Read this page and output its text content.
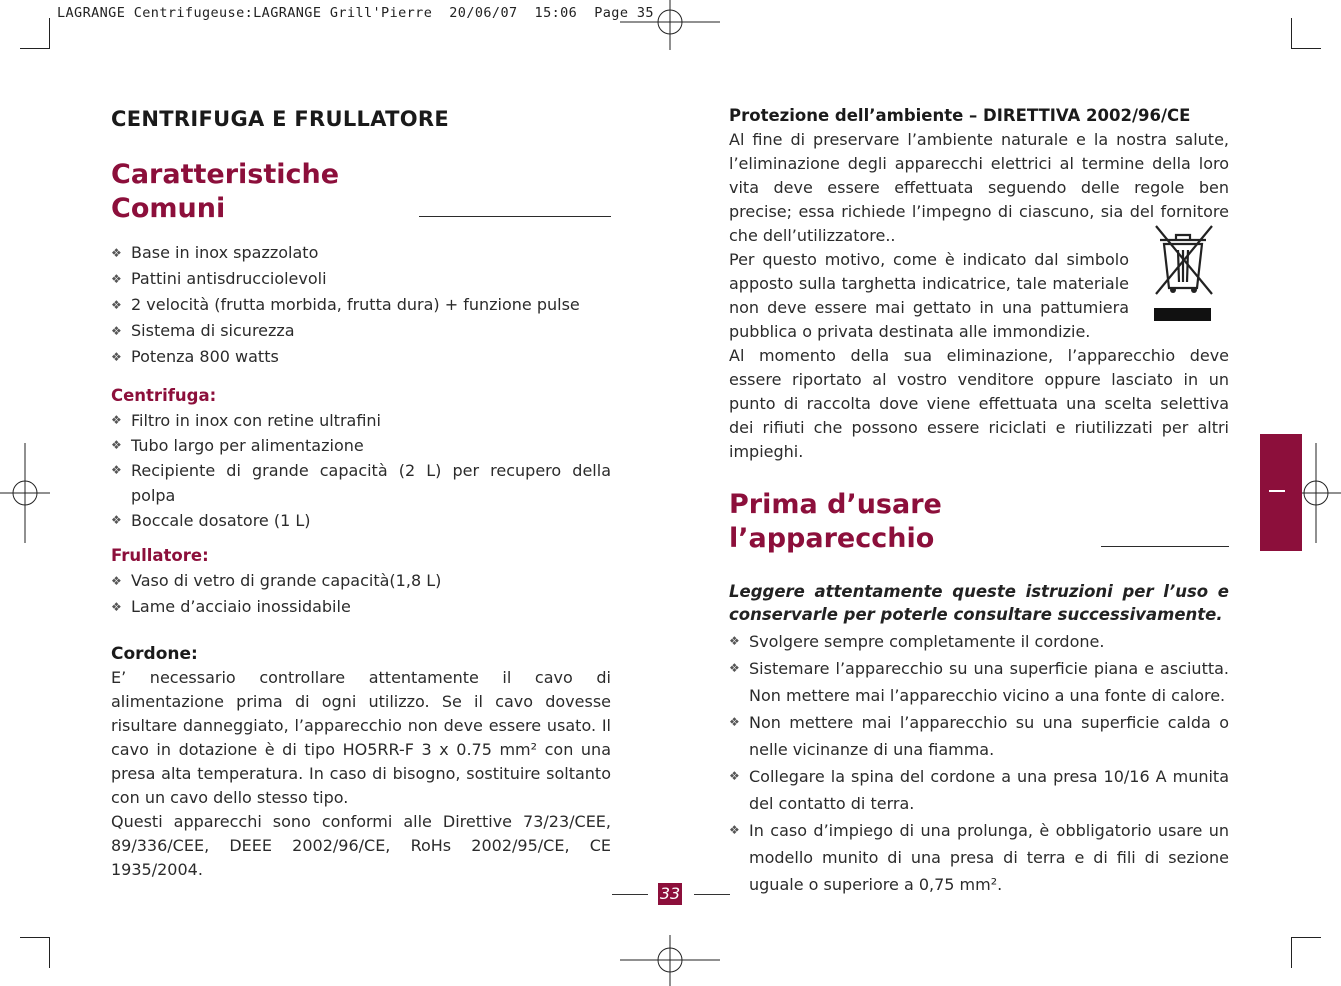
LAGRANGE Centrifugeuse:LAGRANGE Grill'Pierre  20/06/07  15:06  Page 35
CENTRIFUGA E FRULLATORE
Caratteristiche Comuni
❖ Base in inox spazzolato
❖ Pattini antisdrucciolevoli
❖ 2 velocità (frutta morbida, frutta dura) + funzione pulse
❖ Sistema di sicurezza
❖ Potenza 800 watts
Centrifuga:
❖ Filtro in inox con retine ultrafini
❖ Tubo largo per alimentazione
❖ Recipiente di grande capacità (2 L) per recupero della polpa
❖ Boccale dosatore (1 L)
Frullatore:
❖ Vaso di vetro di grande capacità(1,8 L)
❖ Lame d’acciaio inossidabile
Cordone:

E’ necessario controllare attentamente il cavo di alimentazione prima di ogni utilizzo. Se il cavo dovesse risultare danneggiato, l’apparecchio non deve essere usato. Il cavo in dotazione è di tipo HO5RR-F 3 x 0.75 mm² con una presa alta temperatura. In caso di bisogno, sostituire soltanto con un cavo dello stesso tipo.

Questi apparecchi sono conformi alle Direttive 73/23/CEE, 89/336/CEE, DEEE 2002/96/CE, RoHs 2002/95/CE, CE 1935/2004.

Protezione dell’ambiente – DIRETTIVA 2002/96/CE

Al fine di preservare l’ambiente naturale e la nostra salute, l’eliminazione degli apparecchi elettrici al termine della loro vita deve essere effettuata seguendo delle regole ben precise; essa richiede l’impegno di ciascuno, sia del fornitore che dell’utilizzatore..

Per questo motivo, come è indicato dal simbolo apposto sulla targhetta indicatrice, tale materiale non deve essere mai gettato in una pattumiera pubblica o privata destinata alle immondizie.

Al momento della sua eliminazione, l’apparecchio deve essere riportato al vostro venditore oppure lasciato in un punto di raccolta dove viene effettuata una scelta selettiva dei rifiuti che possono essere riciclati e riutilizzati per altri impieghi.

Prima d’usare l’apparecchio

Leggere attentamente queste istruzioni per l’uso e conservarle per poterle consultare successivamente.

❖ Svolgere sempre completamente il cordone.
❖ Sistemare l’apparecchio su una superficie piana e asciutta. Non mettere mai l’apparecchio vicino a una fonte di calore.
❖ Non mettere mai l’apparecchio su una superficie calda o nelle vicinanze di una fiamma.
❖ Collegare la spina del cordone a una presa 10/16 A munita del contatto di terra.
❖ In caso d’impiego di una prolunga, è obbligatorio usare un modello munito di una presa di terra e di fili di sezione uguale o superiore a 0,75 mm².
33
